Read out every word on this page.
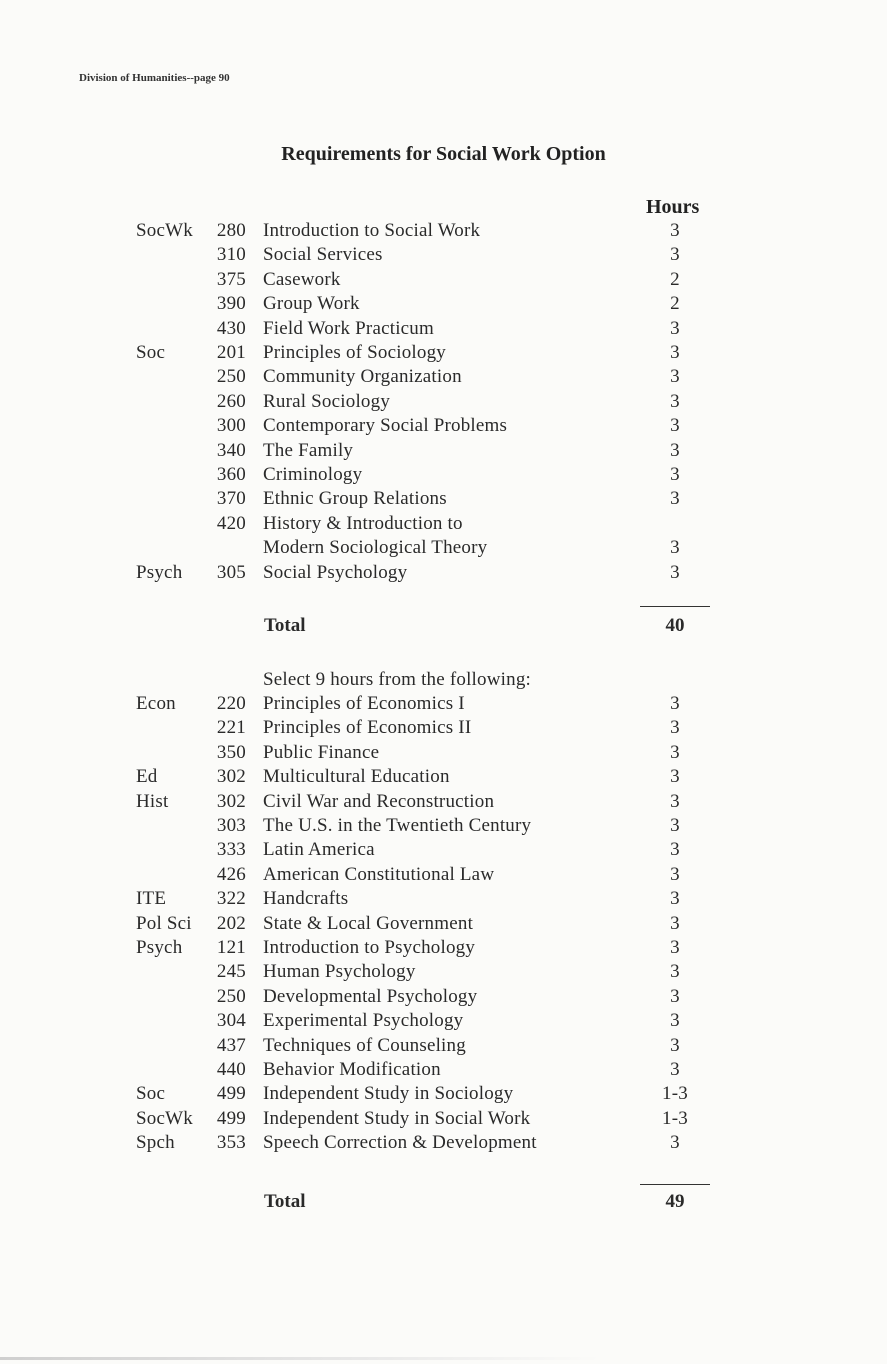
Division of Humanities--page 90
Requirements for Social Work Option
Hours
SocWk	280 Introduction to Social Work	3
310 Social Services	3
375 Casework	2
390 Group Work	2
430 Field Work Practicum	3
Soc	201 Principles of Sociology	3
250 Community Organization	3
260 Rural Sociology	3
300 Contemporary Social Problems	3
340 The Family	3
360 Criminology	3
370 Ethnic Group Relations	3
420 History & Introduction to
Modern Sociological Theory	3
Psych	305 Social Psychology	3
Total	40
Select 9 hours from the following:
Econ	220 Principles of Economics I	3
221 Principles of Economics II	3
350 Public Finance	3
Ed	302 Multicultural Education	3
Hist	302 Civil War and Reconstruction	3
303 The U.S. in the Twentieth Century	3
333 Latin America	3
426 American Constitutional Law	3
ITE	322 Handcrafts	3
Pol Sci	202 State & Local Government	3
Psych	121 Introduction to Psychology	3
245 Human Psychology	3
250 Developmental Psychology	3
304 Experimental Psychology	3
437 Techniques of Counseling	3
440 Behavior Modification	3
Soc	499 Independent Study in Sociology	1-3
SocWk	499 Independent Study in Social Work	1-3
Spch	353 Speech Correction & Development	3
Total	49
